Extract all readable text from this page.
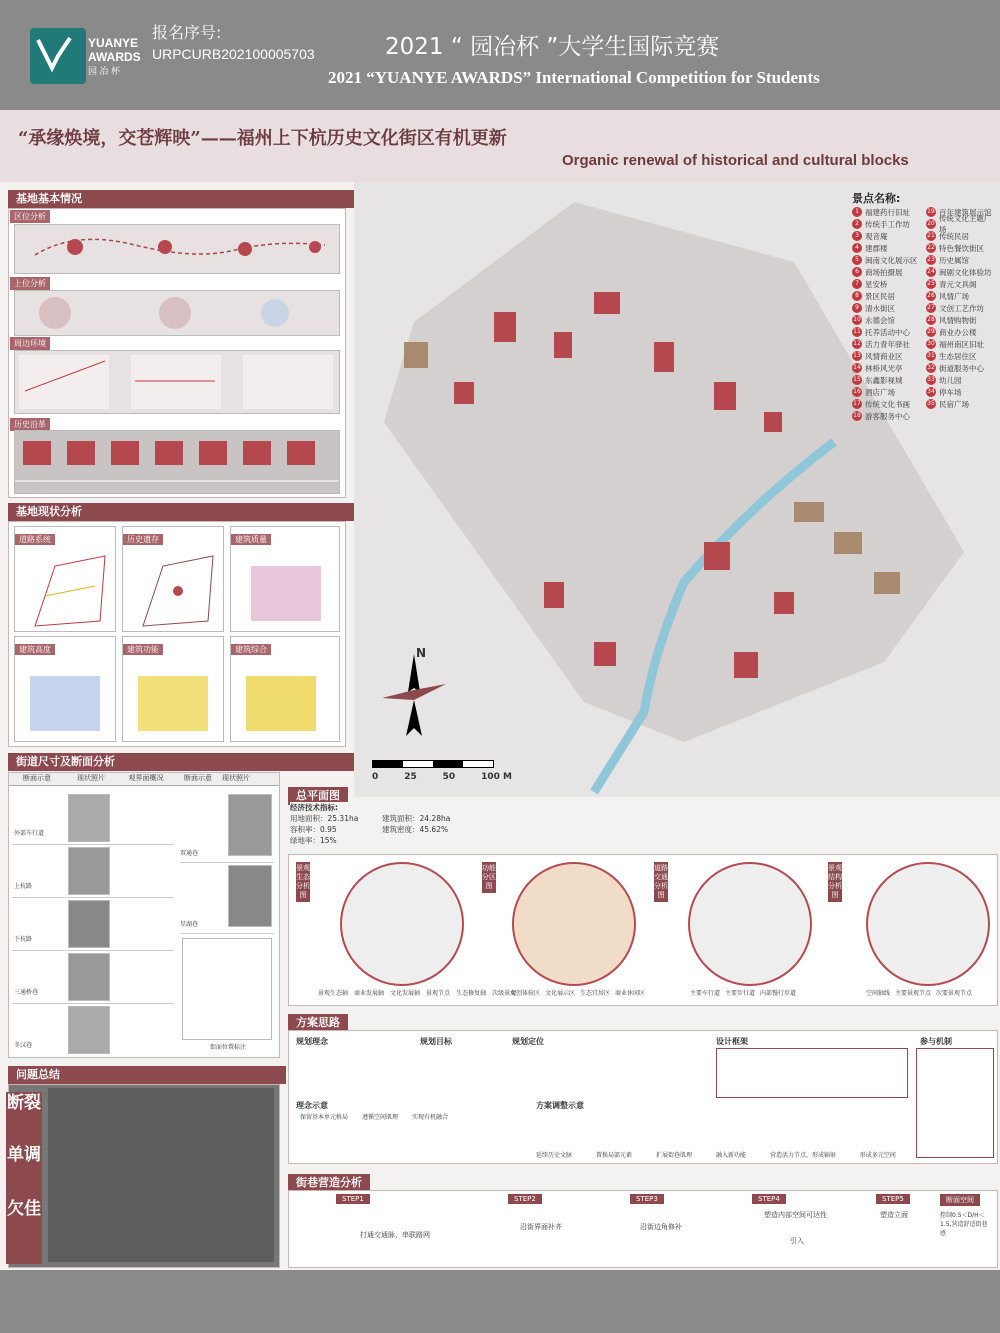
YUANYE
AWARDS
园 冶 杯
报名序号:
URPCURB202100005703	2021 “ 园冶杯 ”大学生国际竞赛
2021 “YUANYE AWARDS” International Competition for Students
“承缘焕境，交苍辉映”——福州上下杭历史文化街区有机更新
Organic renewal of historical and cultural blocks
基地基本情况
区位分析
上位分析
周边环境
历史沿革
基地现状分析
道路系统	历史遗存	建筑质量
建筑高度	建筑功能	建筑综合
街道尺寸及断面分析
断面示意	现状照片	观界面概况	断面示意	现状照片
外部车行道
上杭路
下杭路
三通桥巷
冬汉巷
双通巷
星湖巷
街面位置标注
问题总结
断裂
单调
欠佳
景点名称:
1 福建药行旧址
2 传统手工作坊
3 观音庵
4 建郡楼
5 闽南文化展示区
6 商场拍摄展
7 星安桥
8 景区民居
9 清水街区
10 永德会馆
11 托养活动中心
12 活力青年驿社
13 风情商业区
14 林桥风光亭
15 东鑫影视城
16 酒店广场
17 传统文化书画
18 游客服务中心
19 百年建筑展示馆
20
传统文化主题广场
21 传统民居
22 特色餐饮街区
23 历史属馆
24 闽剧文化体验坊
25 青元文具阁
26 风情广场
27 文创工艺作坊
28 风情购物街
29 商业办公楼
30 福州南区旧址
31 生态居住区
32 街道服务中心
33 幼儿园
34 停车场
35 民宿广场
N
0	25	50	100 M
总平面图
经济技术指标:
用地面积：25.31ha
容积率：0.95
绿地率：15%
建筑面积：24.28ha
建筑密度：45.62%
景观生态分析图
功能分区图
道路交通分析图
景观结构分析图
景观生态轴 商业发展轴 文化发展轴 景观节点 生态修复轴 次级景观
文创体验区 文化展示区 生态宜居区 商业休闲区	主要车行道 主要步行道 内部慢行步道	空间轴线 主要景观节点 次要景观节点
方案思路
规划理念	规划目标	规划定位	设计框架	参与机制
理念示意	方案调整示意
保留基本单元格局 遵循空间肌理 实现有机融合
延续历史文脉	置换局部元素	扩展街巷肌理	融入新功能	营造活力节点，形成辐射	形成多元空间
街巷营造分析
STEP1	STEP2	STEP3	STEP4	STEP5	断面空间
打通交通脉，串联路网
沿街界面补齐	沿街边角修补
塑造内部空间可达性	塑造立面	控制0.5＜D/H＜1.5,营造舒适街巷感
引入
